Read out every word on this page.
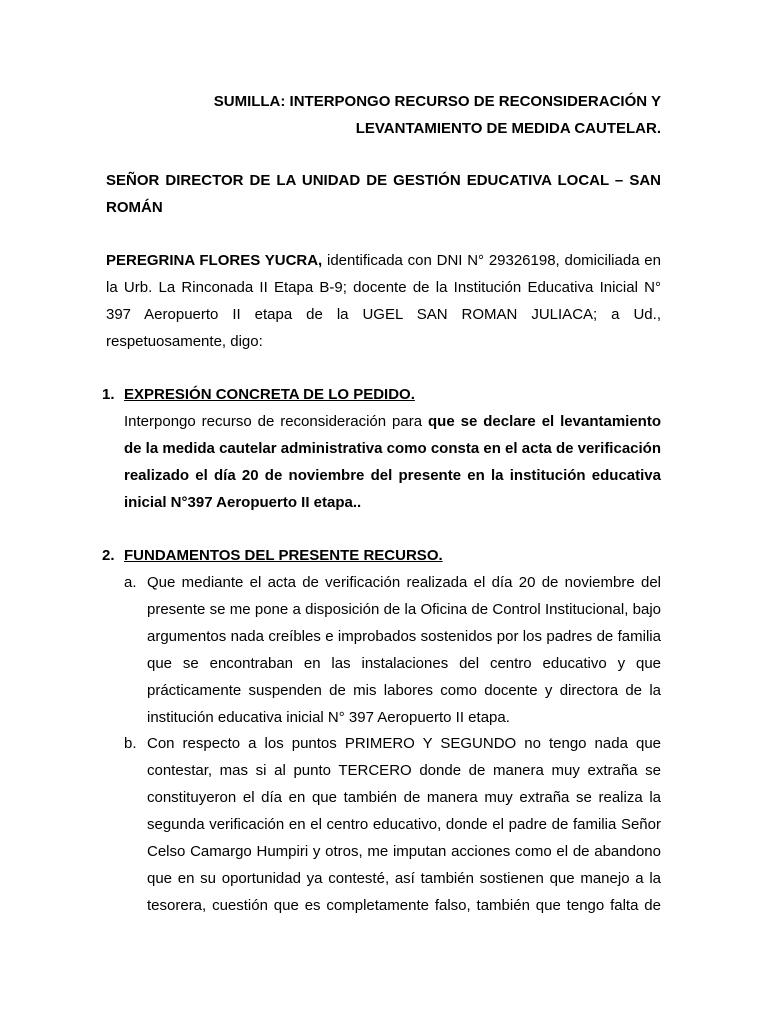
SUMILLA: INTERPONGO RECURSO DE RECONSIDERACIÓN Y
LEVANTAMIENTO DE MEDIDA CAUTELAR.
SEÑOR DIRECTOR DE LA UNIDAD DE GESTIÓN EDUCATIVA LOCAL – SAN ROMÁN
PEREGRINA FLORES YUCRA, identificada con DNI N° 29326198, domiciliada en la Urb. La Rinconada II Etapa B-9; docente de la Institución Educativa Inicial N° 397 Aeropuerto II etapa de la UGEL SAN ROMAN JULIACA; a Ud., respetuosamente, digo:
1. EXPRESIÓN CONCRETA DE LO PEDIDO.
Interpongo recurso de reconsideración para que se declare el levantamiento de la medida cautelar administrativa como consta en el acta de verificación realizado el día 20 de noviembre del presente en la institución educativa inicial N°397 Aeropuerto II etapa..
2. FUNDAMENTOS DEL PRESENTE RECURSO.
a. Que mediante el acta de verificación realizada el día 20 de noviembre del presente se me pone a disposición de la Oficina de Control Institucional, bajo argumentos nada creíbles e improbados sostenidos por los padres de familia que se encontraban en las instalaciones del centro educativo y que prácticamente suspenden de mis labores como docente y directora de la institución educativa inicial N° 397 Aeropuerto II etapa.
b. Con respecto a los puntos PRIMERO Y SEGUNDO no tengo nada que contestar, mas si al punto TERCERO donde de manera muy extraña se constituyeron el día en que también de manera muy extraña se realiza la segunda verificación en el centro educativo, donde el padre de familia Señor Celso Camargo Humpiri y otros, me imputan acciones como el de abandono que en su oportunidad ya contesté, así también sostienen que manejo a la tesorera, cuestión que es completamente falso, también que tengo falta de
